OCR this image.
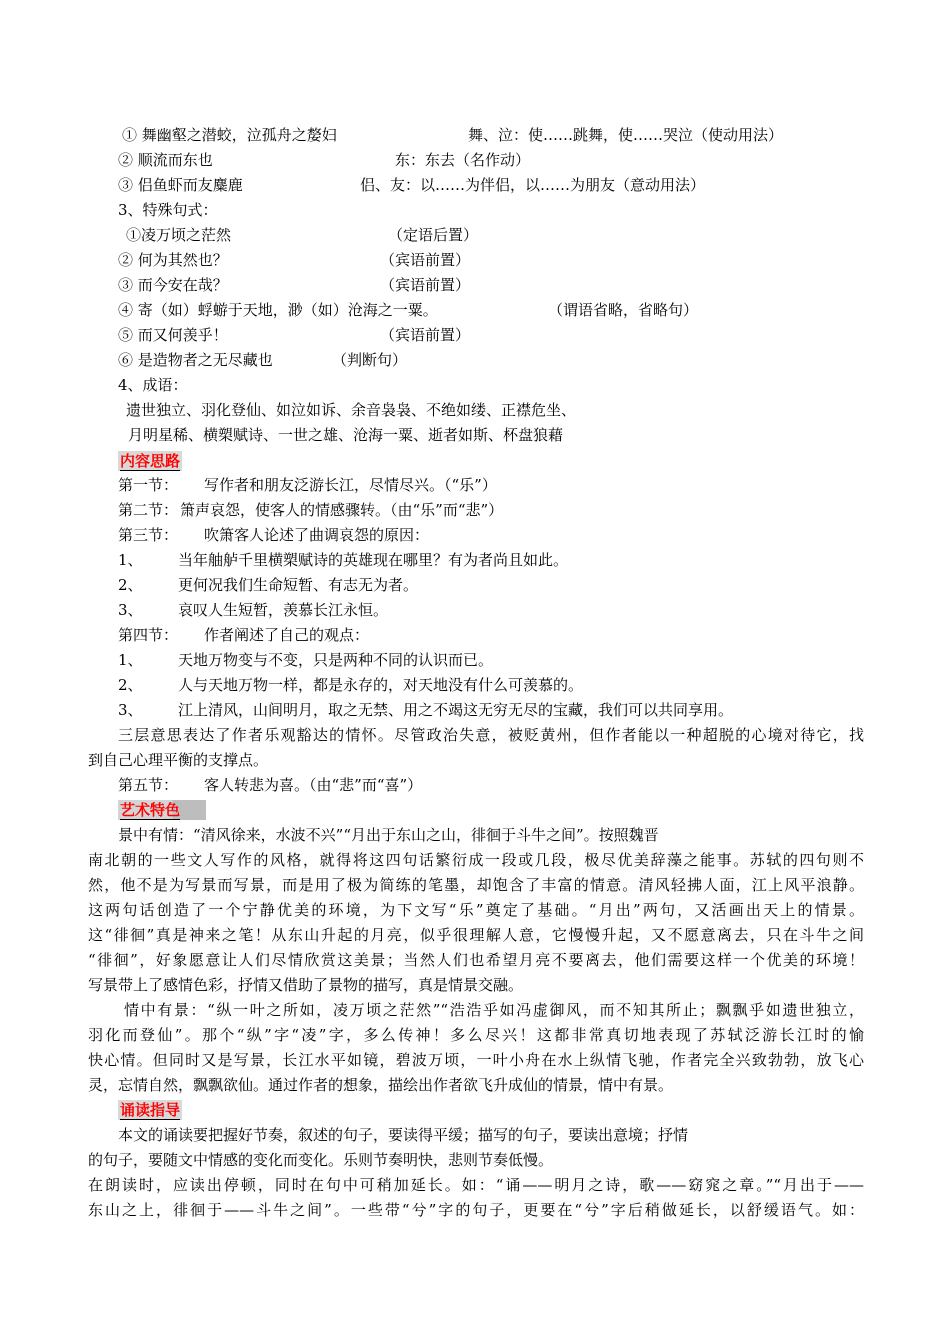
① 舞幽壑之潜蛟，泣孤舟之嫠妇	舞、泣：使……跳舞，使……哭泣（使动用法）
② 顺流而东也	东：东去（名作动）
③ 侣鱼虾而友麋鹿	侣、友：以……为伴侣，以……为朋友（意动用法）
3、特殊句式：
①凌万顷之茫然	（定语后置）
② 何为其然也？	（宾语前置）
③ 而今安在哉？	（宾语前置）
④ 寄（如）蜉蝣于天地，渺（如）沧海之一粟。	（谓语省略，省略句）
⑤ 而又何羡乎！	（宾语前置）
⑥ 是造物者之无尽藏也	（判断句）
4、成语：
遗世独立、羽化登仙、如泣如诉、余音袅袅、不绝如缕、正襟危坐、
月明星稀、横槊赋诗、一世之雄、沧海一粟、逝者如斯、杯盘狼藉
内容思路
第一节： 写作者和朋友泛游长江，尽情尽兴。（“乐”）
第二节： 箫声哀怨，使客人的情感骤转。（由“乐”而“悲”）
第三节： 吹箫客人论述了曲调哀怨的原因：
1、 当年舳舻千里横槊赋诗的英雄现在哪里？有为者尚且如此。
2、 更何况我们生命短暂、有志无为者。
3、 哀叹人生短暂，羡慕长江永恒。
第四节： 作者阐述了自己的观点：
1、 天地万物变与不变，只是两种不同的认识而已。
2、 人与天地万物一样，都是永存的，对天地没有什么可羡慕的。
3、 江上清风，山间明月，取之无禁、用之不竭这无穷无尽的宝藏，我们可以共同享用。
三层意思表达了作者乐观豁达的情怀。尽管政治失意，被贬黄州，但作者能以一种超脱的心境对待它，找
到自己心理平衡的支撑点。
第五节： 客人转悲为喜。（由“悲”而“喜”）
艺术特色
景中有情：“清风徐来，水波不兴”“月出于东山之山，徘徊于斗牛之间”。按照魏晋
南北朝的一些文人写作的风格，就得将这四句话繁衍成一段或几段，极尽优美辞藻之能事。苏轼的四句则不
然，他不是为写景而写景，而是用了极为简练的笔墨，却饱含了丰富的情意。清风轻拂人面，江上风平浪静。
这两句话创造了一个宁静优美的环境，为下文写“乐”奠定了基础。“月出”两句，又活画出天上的情景。
这“徘徊”真是神来之笔！从东山升起的月亮，似乎很理解人意，它慢慢升起，又不愿意离去，只在斗牛之间
“徘徊”，好象愿意让人们尽情欣赏这美景；当然人们也希望月亮不要离去，他们需要这样一个优美的环境！
写景带上了感情色彩，抒情又借助了景物的描写，真是情景交融。
情中有景：“纵一叶之所如，凌万顷之茫然”“浩浩乎如冯虚御风，而不知其所止；飘飘乎如遗世独立，
羽化而登仙”。那个“纵”字“凌”字，多么传神！多么尽兴！这都非常真切地表现了苏轼泛游长江时的愉
快心情。但同时又是写景，长江水平如镜，碧波万顷，一叶小舟在水上纵情飞驰，作者完全兴致勃勃，放飞心
灵，忘情自然，飘飘欲仙。通过作者的想象，描绘出作者欲飞升成仙的情景，情中有景。
诵读指导
本文的诵读要把握好节奏，叙述的句子，要读得平缓；描写的句子，要读出意境；抒情
的句子，要随文中情感的变化而变化。乐则节奏明快，悲则节奏低慢。
在朗读时，应读出停顿，同时在句中可稍加延长。如：“诵——明月之诗，歌——窈窕之章。”“月出于——
东山之上，徘徊于——斗牛之间”。一些带“兮”字的句子，更要在“兮”字后稍做延长，以舒缓语气。如：
